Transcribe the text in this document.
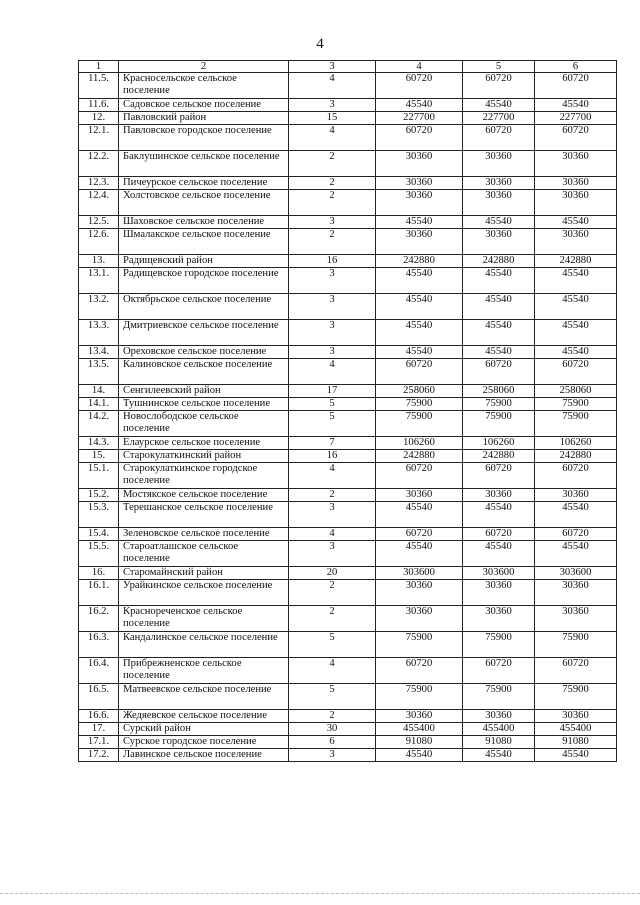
4
1	2	3	4	5	6
11.5.	Красносельское сельское поселение	4	60720	60720	60720
11.6.	Садовское сельское поселение	3	45540	45540	45540
12.	Павловский район	15	227700	227700	227700
12.1.	Павловское городское поселение	4	60720	60720	60720
12.2.	Баклушинское сельское поселение	2	30360	30360	30360
12.3.	Пичеурское сельское поселение	2	30360	30360	30360
12.4.	Холстовское сельское поселение	2	30360	30360	30360
12.5.	Шаховское сельское поселение	3	45540	45540	45540
12.6.	Шмалакское сельское поселение	2	30360	30360	30360
13.	Радищевский район	16	242880	242880	242880
13.1.	Радищевское городское поселение	3	45540	45540	45540
13.2.	Октябрьское сельское поселение	3	45540	45540	45540
13.3.	Дмитриевское сельское поселение	3	45540	45540	45540
13.4.	Ореховское сельское поселение	3	45540	45540	45540
13.5.	Калиновское сельское поселение	4	60720	60720	60720
14.	Сенгилеевский район	17	258060	258060	258060
14.1.	Тушнинское сельское поселение	5	75900	75900	75900
14.2.	Новослободское сельское поселение	5	75900	75900	75900
14.3.	Елаурское сельское поселение	7	106260	106260	106260
15.	Старокулаткинский район	16	242880	242880	242880
15.1.	Старокулаткинское городское поселение	4	60720	60720	60720
15.2.	Мостякское сельское поселение	2	30360	30360	30360
15.3.	Терешанское сельское поселение	3	45540	45540	45540
15.4.	Зеленовское сельское поселение	4	60720	60720	60720
15.5.	Староатлашское сельское поселение	3	45540	45540	45540
16.	Старомайнский район	20	303600	303600	303600
16.1.	Урайкинское сельское поселение	2	30360	30360	30360
16.2.	Краснореченское сельское поселение	2	30360	30360	30360
16.3.	Кандалинское сельское поселение	5	75900	75900	75900
16.4.	Прибрежненское сельское поселение	4	60720	60720	60720
16.5.	Матвеевское сельское поселение	5	75900	75900	75900
16.6.	Жедяевское сельское поселение	2	30360	30360	30360
17.	Сурский район	30	455400	455400	455400
17.1.	Сурское городское поселение	6	91080	91080	91080
17.2.	Лавинское сельское поселение	3	45540	45540	45540
